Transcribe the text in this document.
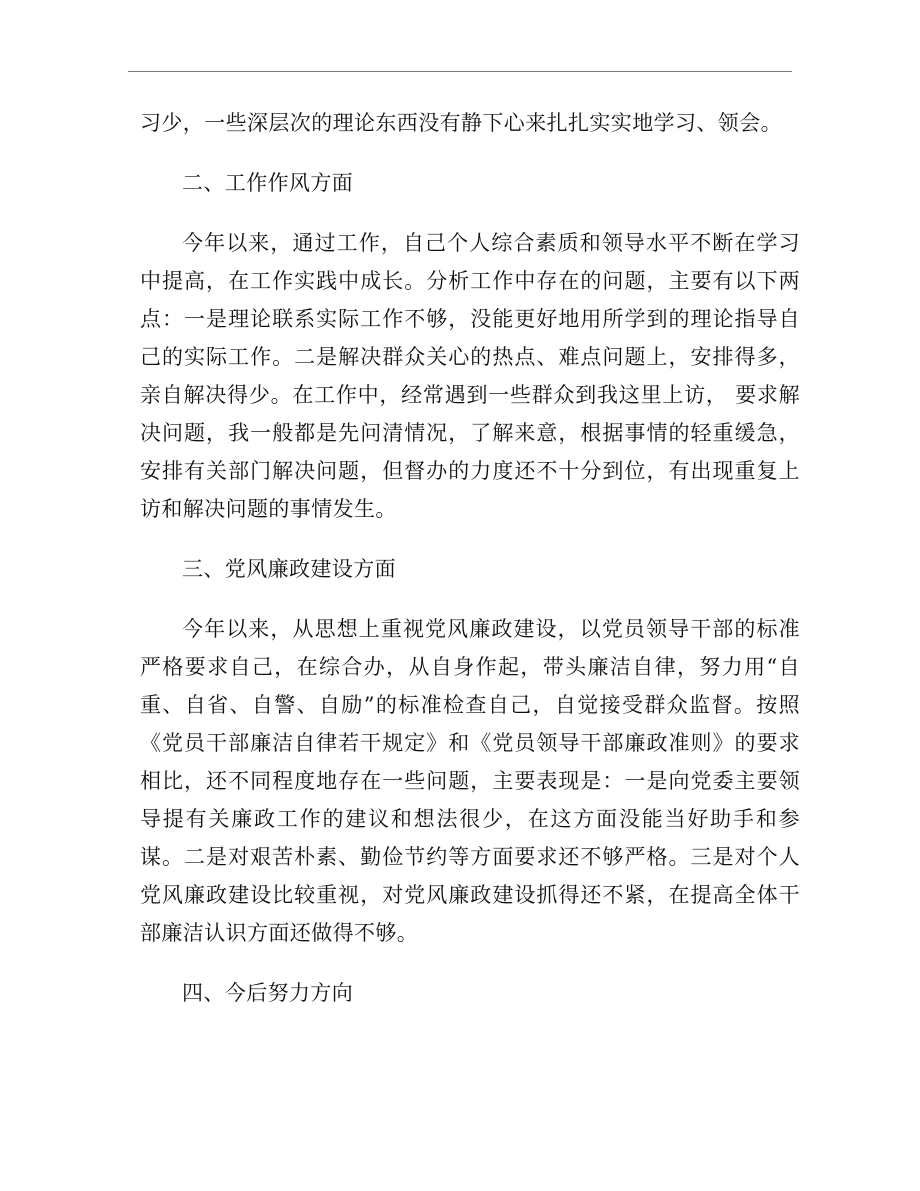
习少，一些深层次的理论东西没有静下心来扎扎实实地学习、领会。

二、工作作风方面

今年以来，通过工作，自己个人综合素质和领导水平不断在学习中提高，在工作实践中成长。分析工作中存在的问题，主要有以下两点：一是理论联系实际工作不够，没能更好地用所学到的理论指导自己的实际工作。二是解决群众关心的热点、难点问题上，安排得多，亲自解决得少。在工作中，经常遇到一些群众到我这里上访， 要求解决问题，我一般都是先问清情况，了解来意，根据事情的轻重缓急，安排有关部门解决问题，但督办的力度还不十分到位，有出现重复上访和解决问题的事情发生。

三、党风廉政建设方面

今年以来，从思想上重视党风廉政建设，以党员领导干部的标准严格要求自己，在综合办，从自身作起，带头廉洁自律，努力用“自重、自省、自警、自励”的标准检查自己，自觉接受群众监督。按照《党员干部廉洁自律若干规定》和《党员领导干部廉政准则》的要求相比，还不同程度地存在一些问题，主要表现是：一是向党委主要领导提有关廉政工作的建议和想法很少，在这方面没能当好助手和参谋。二是对艰苦朴素、勤俭节约等方面要求还不够严格。三是对个人党风廉政建设比较重视，对党风廉政建设抓得还不紧，在提高全体干部廉洁认识方面还做得不够。

四、今后努力方向
